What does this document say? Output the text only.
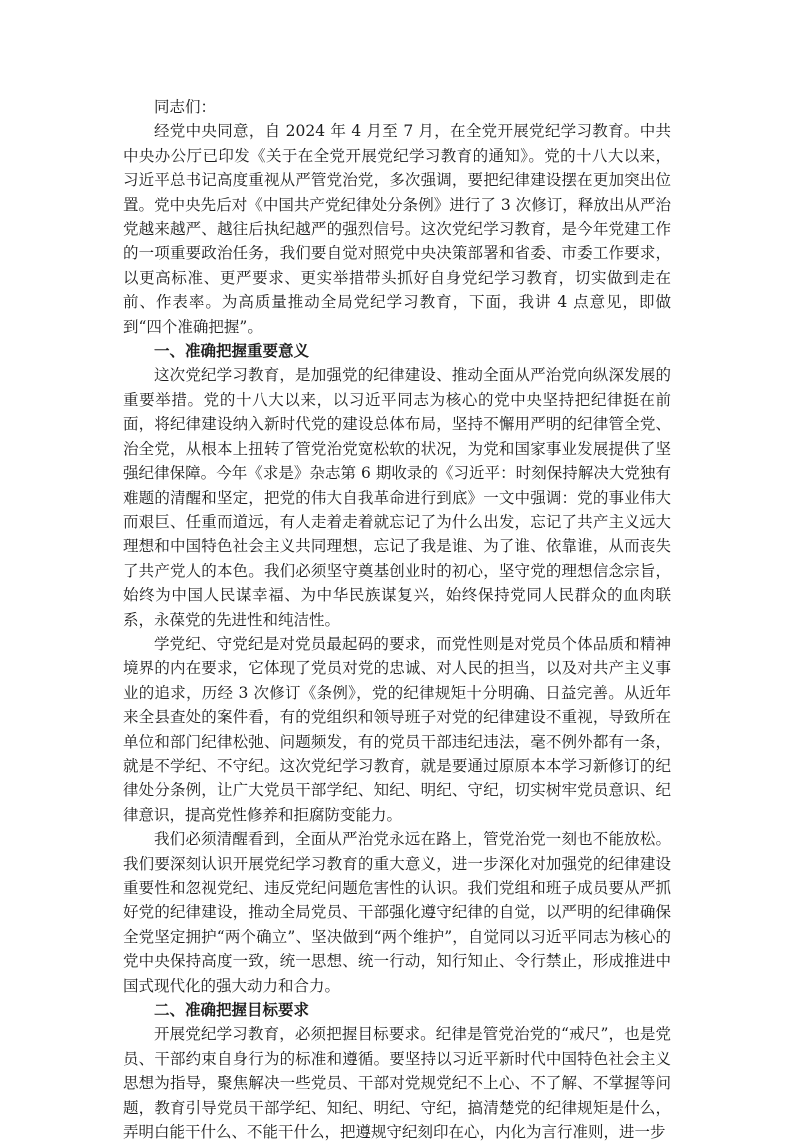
同志们：

经党中央同意，自 2024 年 4 月至 7 月，在全党开展党纪学习教育。中共中央办公厅已印发《关于在全党开展党纪学习教育的通知》。党的十八大以来，习近平总书记高度重视从严管党治党，多次强调，要把纪律建设摆在更加突出位置。党中央先后对《中国共产党纪律处分条例》进行了 3 次修订，释放出从严治党越来越严、越往后执纪越严的强烈信号。这次党纪学习教育，是今年党建工作的一项重要政治任务，我们要自觉对照党中央决策部署和省委、市委工作要求，以更高标准、更严要求、更实举措带头抓好自身党纪学习教育，切实做到走在前、作表率。为高质量推动全局党纪学习教育，下面，我讲 4 点意见，即做到“四个准确把握”。

一、准确把握重要意义

这次党纪学习教育，是加强党的纪律建设、推动全面从严治党向纵深发展的重要举措。党的十八大以来，以习近平同志为核心的党中央坚持把纪律挺在前面，将纪律建设纳入新时代党的建设总体布局，坚持不懈用严明的纪律管全党、治全党，从根本上扭转了管党治党宽松软的状况，为党和国家事业发展提供了坚强纪律保障。今年《求是》杂志第 6 期收录的《习近平：时刻保持解决大党独有难题的清醒和坚定，把党的伟大自我革命进行到底》一文中强调：党的事业伟大而艰巨、任重而道远，有人走着走着就忘记了为什么出发，忘记了共产主义远大理想和中国特色社会主义共同理想，忘记了我是谁、为了谁、依靠谁，从而丧失了共产党人的本色。我们必须坚守奠基创业时的初心，坚守党的理想信念宗旨，始终为中国人民谋幸福、为中华民族谋复兴，始终保持党同人民群众的血肉联系，永葆党的先进性和纯洁性。

学党纪、守党纪是对党员最起码的要求，而党性则是对党员个体品质和精神境界的内在要求，它体现了党员对党的忠诚、对人民的担当，以及对共产主义事业的追求，历经 3 次修订《条例》，党的纪律规矩十分明确、日益完善。从近年来全县查处的案件看，有的党组织和领导班子对党的纪律建设不重视，导致所在单位和部门纪律松弛、问题频发，有的党员干部违纪违法，毫不例外都有一条，就是不学纪、不守纪。这次党纪学习教育，就是要通过原原本本学习新修订的纪律处分条例，让广大党员干部学纪、知纪、明纪、守纪，切实树牢党员意识、纪律意识，提高党性修养和拒腐防变能力。

我们必须清醒看到，全面从严治党永远在路上，管党治党一刻也不能放松。我们要深刻认识开展党纪学习教育的重大意义，进一步深化对加强党的纪律建设重要性和忽视党纪、违反党纪问题危害性的认识。我们党组和班子成员要从严抓好党的纪律建设，推动全局党员、干部强化遵守纪律的自觉，以严明的纪律确保全党坚定拥护“两个确立”、坚决做到“两个维护”，自觉同以习近平同志为核心的党中央保持高度一致，统一思想、统一行动，知行知止、令行禁止，形成推进中国式现代化的强大动力和合力。

二、准确把握目标要求

开展党纪学习教育，必须把握目标要求。纪律是管党治党的“戒尺”，也是党员、干部约束自身行为的标准和遵循。要坚持以习近平新时代中国特色社会主义思想为指导，聚焦解决一些党员、干部对党规党纪不上心、不了解、不掌握等问题，教育引导党员干部学纪、知纪、明纪、守纪，搞清楚党的纪律规矩是什么，弄明白能干什么、不能干什么，把遵规守纪刻印在心，内化为言行准则，进一步
